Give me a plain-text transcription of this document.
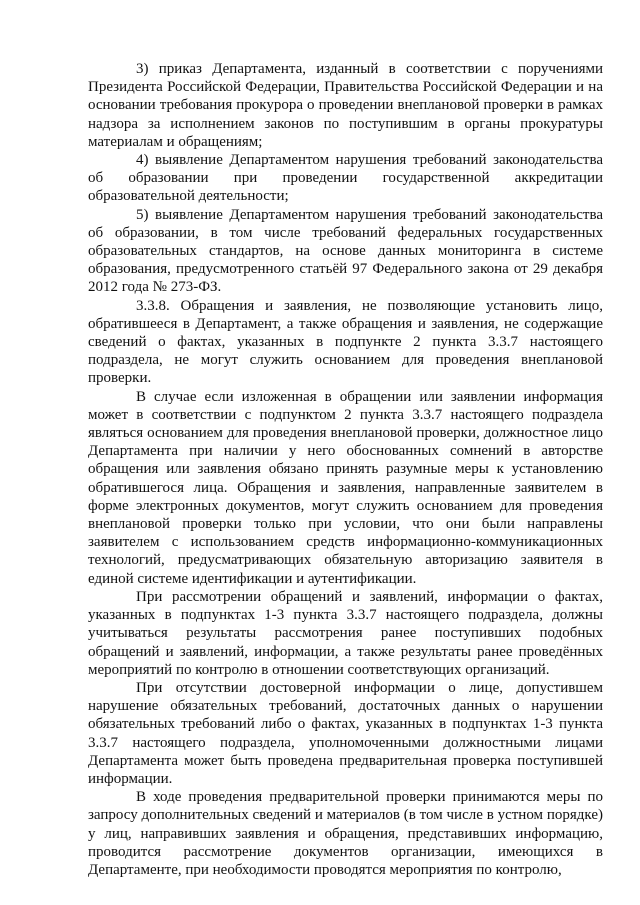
3) приказ Департамента, изданный в соответствии с поручениями Президента Российской Федерации, Правительства Российской Федерации и на основании требования прокурора о проведении внеплановой проверки в рамках надзора за исполнением законов по поступившим в органы прокуратуры материалам и обращениям;

4) выявление Департаментом нарушения требований законодательства об образовании при проведении государственной аккредитации образовательной деятельности;

5) выявление Департаментом нарушения требований законодательства об образовании, в том числе требований федеральных государственных образовательных стандартов, на основе данных мониторинга в системе образования, предусмотренного статьёй 97 Федерального закона от 29 декабря 2012 года № 273-ФЗ.

3.3.8. Обращения и заявления, не позволяющие установить лицо, обратившееся в Департамент, а также обращения и заявления, не содержащие сведений о фактах, указанных в подпункте 2 пункта 3.3.7 настоящего подраздела, не могут служить основанием для проведения внеплановой проверки.

В случае если изложенная в обращении или заявлении информация может в соответствии с подпунктом 2 пункта 3.3.7 настоящего подраздела являться основанием для проведения внеплановой проверки, должностное лицо Департамента при наличии у него обоснованных сомнений в авторстве обращения или заявления обязано принять разумные меры к установлению обратившегося лица. Обращения и заявления, направленные заявителем в форме электронных документов, могут служить основанием для проведения внеплановой проверки только при условии, что они были направлены заявителем с использованием средств информационно-коммуникационных технологий, предусматривающих обязательную авторизацию заявителя в единой системе идентификации и аутентификации.

При рассмотрении обращений и заявлений, информации о фактах, указанных в подпунктах 1-3 пункта 3.3.7 настоящего подраздела, должны учитываться результаты рассмотрения ранее поступивших подобных обращений и заявлений, информации, а также результаты ранее проведённых мероприятий по контролю в отношении соответствующих организаций.

При отсутствии достоверной информации о лице, допустившем нарушение обязательных требований, достаточных данных о нарушении обязательных требований либо о фактах, указанных в подпунктах 1-3 пункта 3.3.7 настоящего подраздела, уполномоченными должностными лицами Департамента может быть проведена предварительная проверка поступившей информации.

В ходе проведения предварительной проверки принимаются меры по запросу дополнительных сведений и материалов (в том числе в устном порядке) у лиц, направивших заявления и обращения, представивших информацию, проводится рассмотрение документов организации, имеющихся в Департаменте, при необходимости проводятся мероприятия по контролю,
